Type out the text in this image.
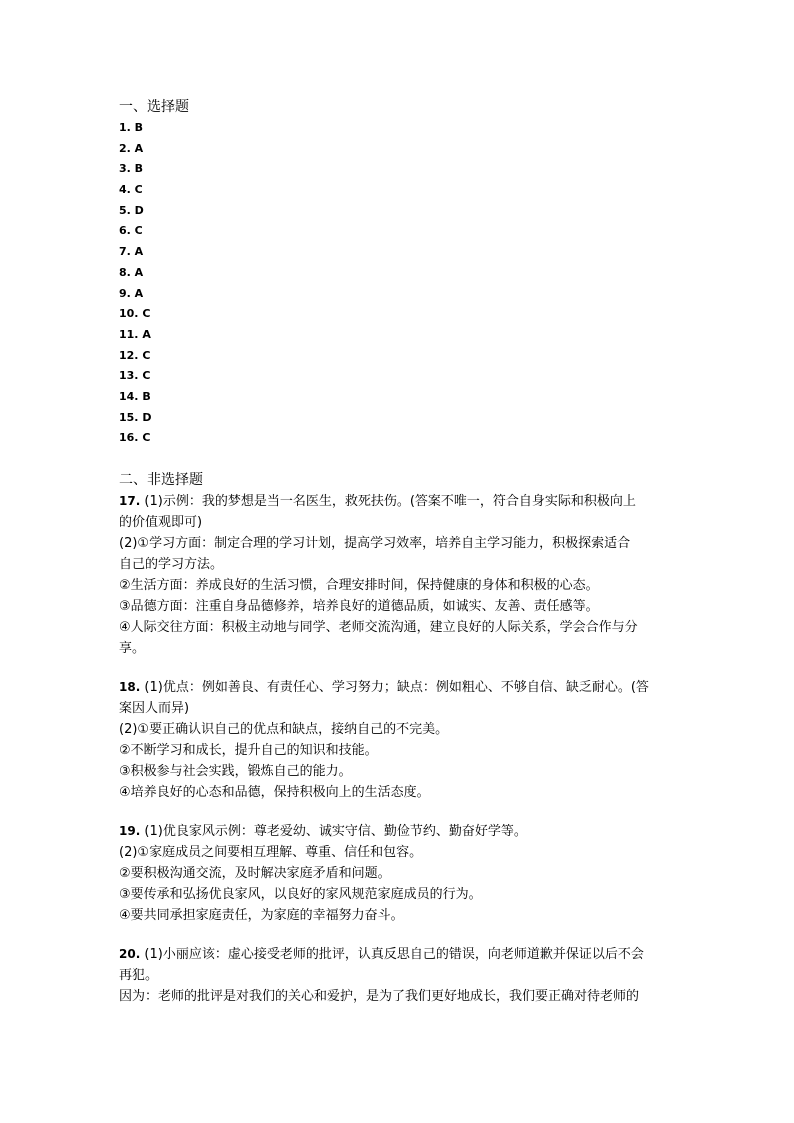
一、选择题
1. B
2. A
3. B
4. C
5. D
6. C
7. A
8. A
9. A
10. C
11. A
12. C
13. C
14. B
15. D
16. C
二、非选择题
17. (1)示例：我的梦想是当一名医生，救死扶伤。(答案不唯一，符合自身实际和积极向上
的价值观即可)
(2)①学习方面：制定合理的学习计划，提高学习效率，培养自主学习能力，积极探索适合
自己的学习方法。
②生活方面：养成良好的生活习惯，合理安排时间，保持健康的身体和积极的心态。
③品德方面：注重自身品德修养，培养良好的道德品质，如诚实、友善、责任感等。
④人际交往方面：积极主动地与同学、老师交流沟通，建立良好的人际关系，学会合作与分
享。
18. (1)优点：例如善良、有责任心、学习努力；缺点：例如粗心、不够自信、缺乏耐心。(答
案因人而异)
(2)①要正确认识自己的优点和缺点，接纳自己的不完美。
②不断学习和成长，提升自己的知识和技能。
③积极参与社会实践，锻炼自己的能力。
④培养良好的心态和品德，保持积极向上的生活态度。
19. (1)优良家风示例：尊老爱幼、诚实守信、勤俭节约、勤奋好学等。
(2)①家庭成员之间要相互理解、尊重、信任和包容。
②要积极沟通交流，及时解决家庭矛盾和问题。
③要传承和弘扬优良家风，以良好的家风规范家庭成员的行为。
④要共同承担家庭责任，为家庭的幸福努力奋斗。
20. (1)小丽应该：虚心接受老师的批评，认真反思自己的错误，向老师道歉并保证以后不会
再犯。
因为：老师的批评是对我们的关心和爱护，是为了我们更好地成长，我们要正确对待老师的
